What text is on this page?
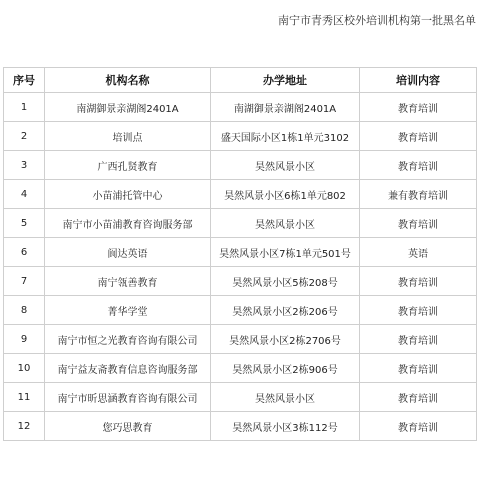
南宁市青秀区校外培训机构第一批黑名单
序号	机构名称	办学地址	培训内容
1	南湖御景亲湖阁2401A	南湖御景亲湖阁2401A	教育培训
2	培训点	盛天国际小区1栋1单元3102	教育培训
3	广西孔贤教育	昊然风景小区	教育培训
4	小苗浦托管中心	昊然风景小区6栋1单元802	兼有教育培训
5	南宁市小苗浦教育咨询服务部	昊然风景小区	教育培训
6	阆达英语	昊然风景小区7栋1单元501号	英语
7	南宁瓴善教育	昊然风景小区5栋208号	教育培训
8	菁华学堂	昊然风景小区2栋206号	教育培训
9	南宁市恒之光教育咨询有限公司	昊然风景小区2栋2706号	教育培训
10	南宁益友斋教育信息咨询服务部	昊然风景小区2栋906号	教育培训
11	南宁市昕思涵教育咨询有限公司	昊然风景小区	教育培训
12	您巧思教育	昊然风景小区3栋112号	教育培训
